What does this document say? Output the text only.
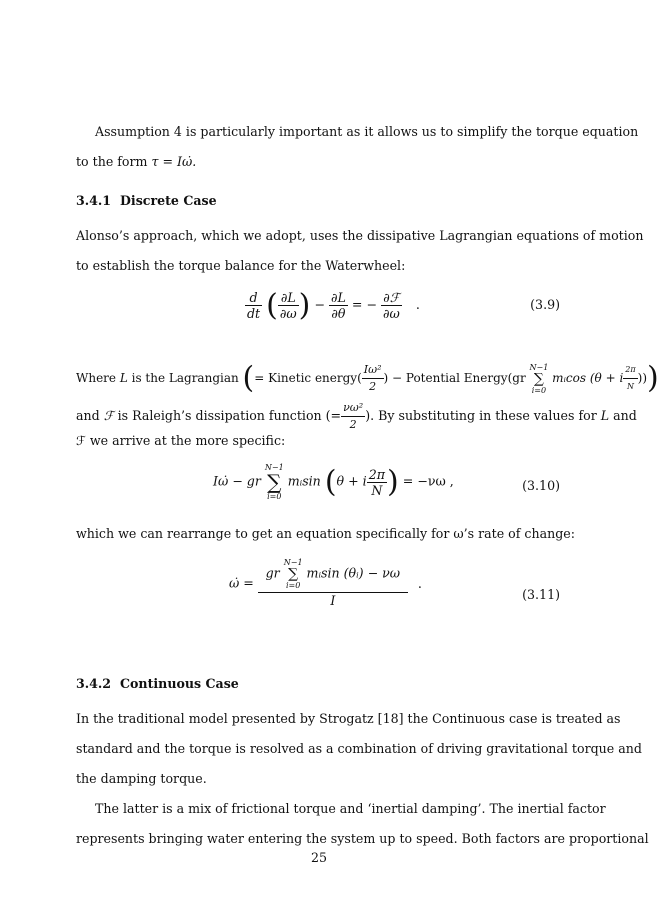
Assumption 4 is particularly important as it allows us to simplify the torque equation
to the form τ = Iω̇.
3.4.1 Discrete Case
Alonso’s approach, which we adopt, uses the dissipative Lagrangian equations of motion
to establish the torque balance for the Waterwheel:
$\frac{d}{dt}$ ( $\frac{\partial L}{\partial\omega}$ ) − $\frac{\partial L}{\partial\theta}$ = − $\frac{\text{∂ℱ}}{\partial\omega}$ .	(3.9)
Where L is the Lagrangian (= Kinetic energy( $\frac{\text{Iω²}}{2}$ ) − Potential Energy(gr
N−1
∑
i=0
mᵢcos (θ + i $\frac{2\pi}{N}$ )))
and ℱ is Raleigh’s dissipation function (= $\frac{\text{νω²}}{2}$ ). By substituting in these values for L and
ℱ we arrive at the more specific:
Iω̇ − gr
N−1
∑
i=0
mᵢsin (θ + i $\frac{2\pi}{N}$ ) = −νω ,	(3.10)
which we can rearrange to get an equation specifically for ω’s rate of change:
ω̇ = gr
N−1
∑
i=0
mᵢsin (θᵢ) − νω
I .
(3.11)
3.4.2 Continuous Case
In the traditional model presented by Strogatz [18] the Continuous case is treated as
standard and the torque is resolved as a combination of driving gravitational torque and
the damping torque.
The latter is a mix of frictional torque and ‘inertial damping’. The inertial factor
represents bringing water entering the system up to speed. Both factors are proportional
25
